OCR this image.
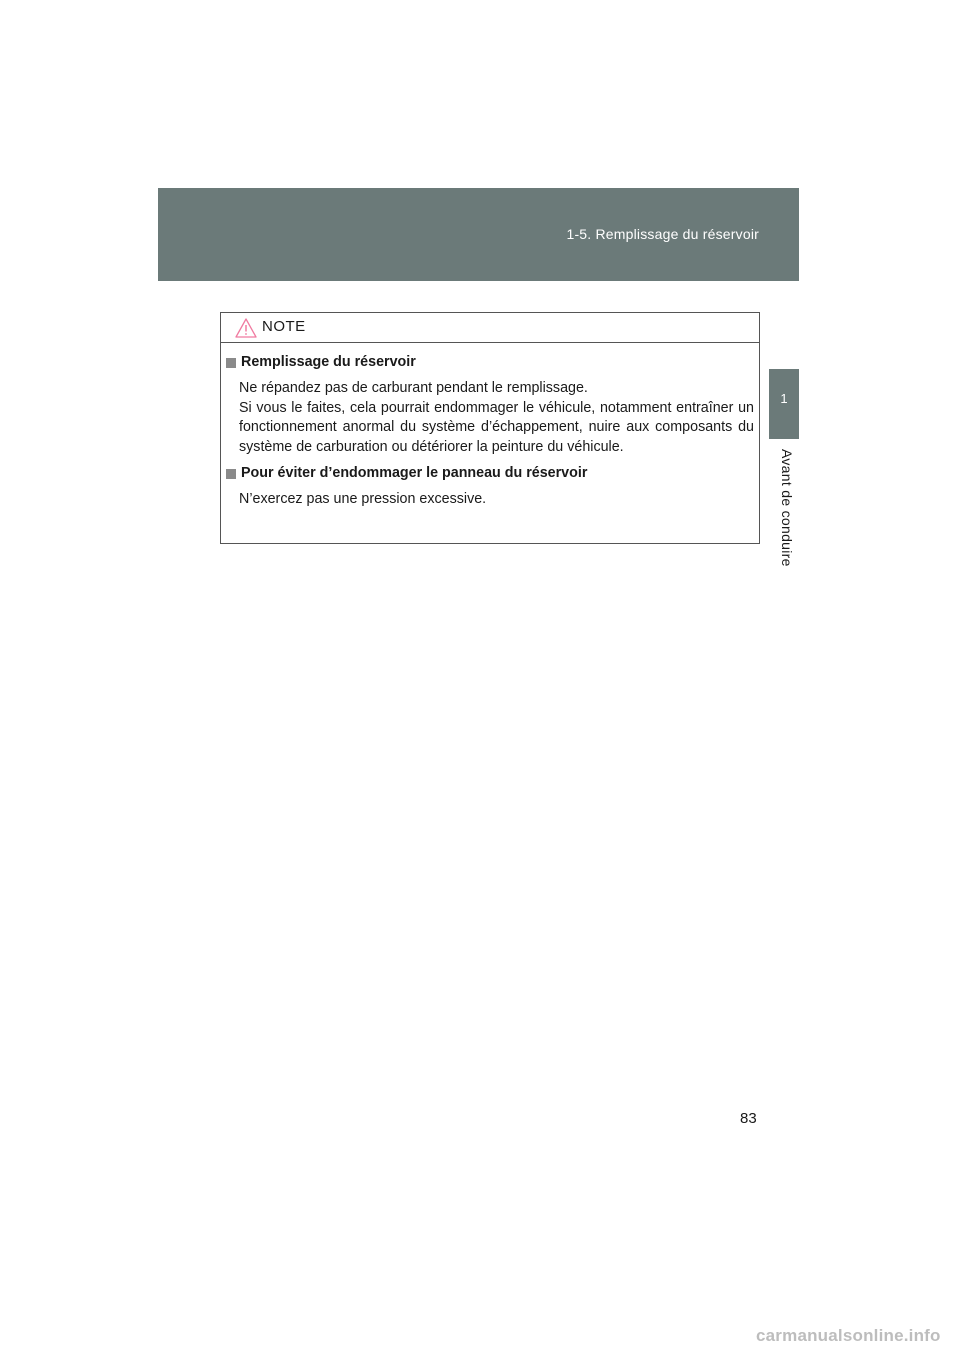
1-5. Remplissage du réservoir
1
Avant de conduire
NOTE
Remplissage du réservoir

Ne répandez pas de carburant pendant le remplissage.

Si vous le faites, cela pourrait endommager le véhicule, notamment entraîner un fonctionnement anormal du système d’échappement, nuire aux composants du système de carburation ou détériorer la peinture du véhicule.

Pour éviter d’endommager le panneau du réservoir

N’exercez pas une pression excessive.

83
carmanualsonline.info
